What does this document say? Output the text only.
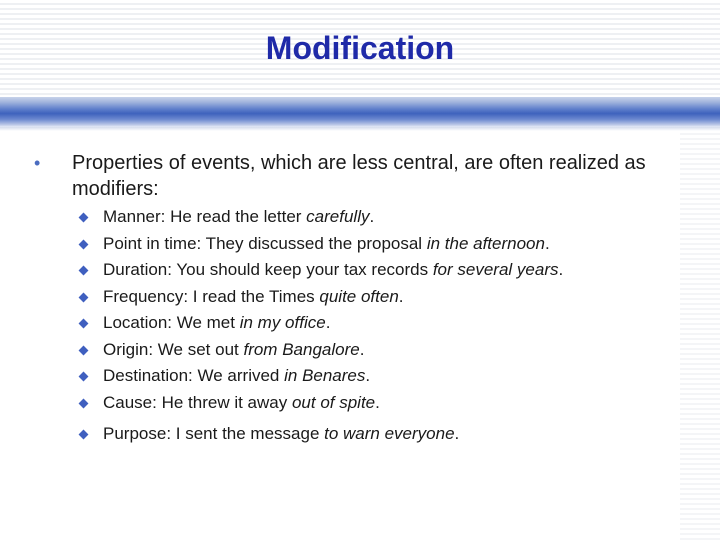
Modification
•	Properties of events, which are less central, are often realized as modifiers:
Manner: He read the letter carefully.
Point in time: They discussed the proposal in the afternoon.
Duration: You should keep your tax records for several years.
Frequency: I read the Times quite often.
Location: We met in my office.
Origin: We set out from Bangalore.
Destination: We arrived in Benares.
Cause: He threw it away out of spite.
Purpose: I sent the message to warn everyone.
